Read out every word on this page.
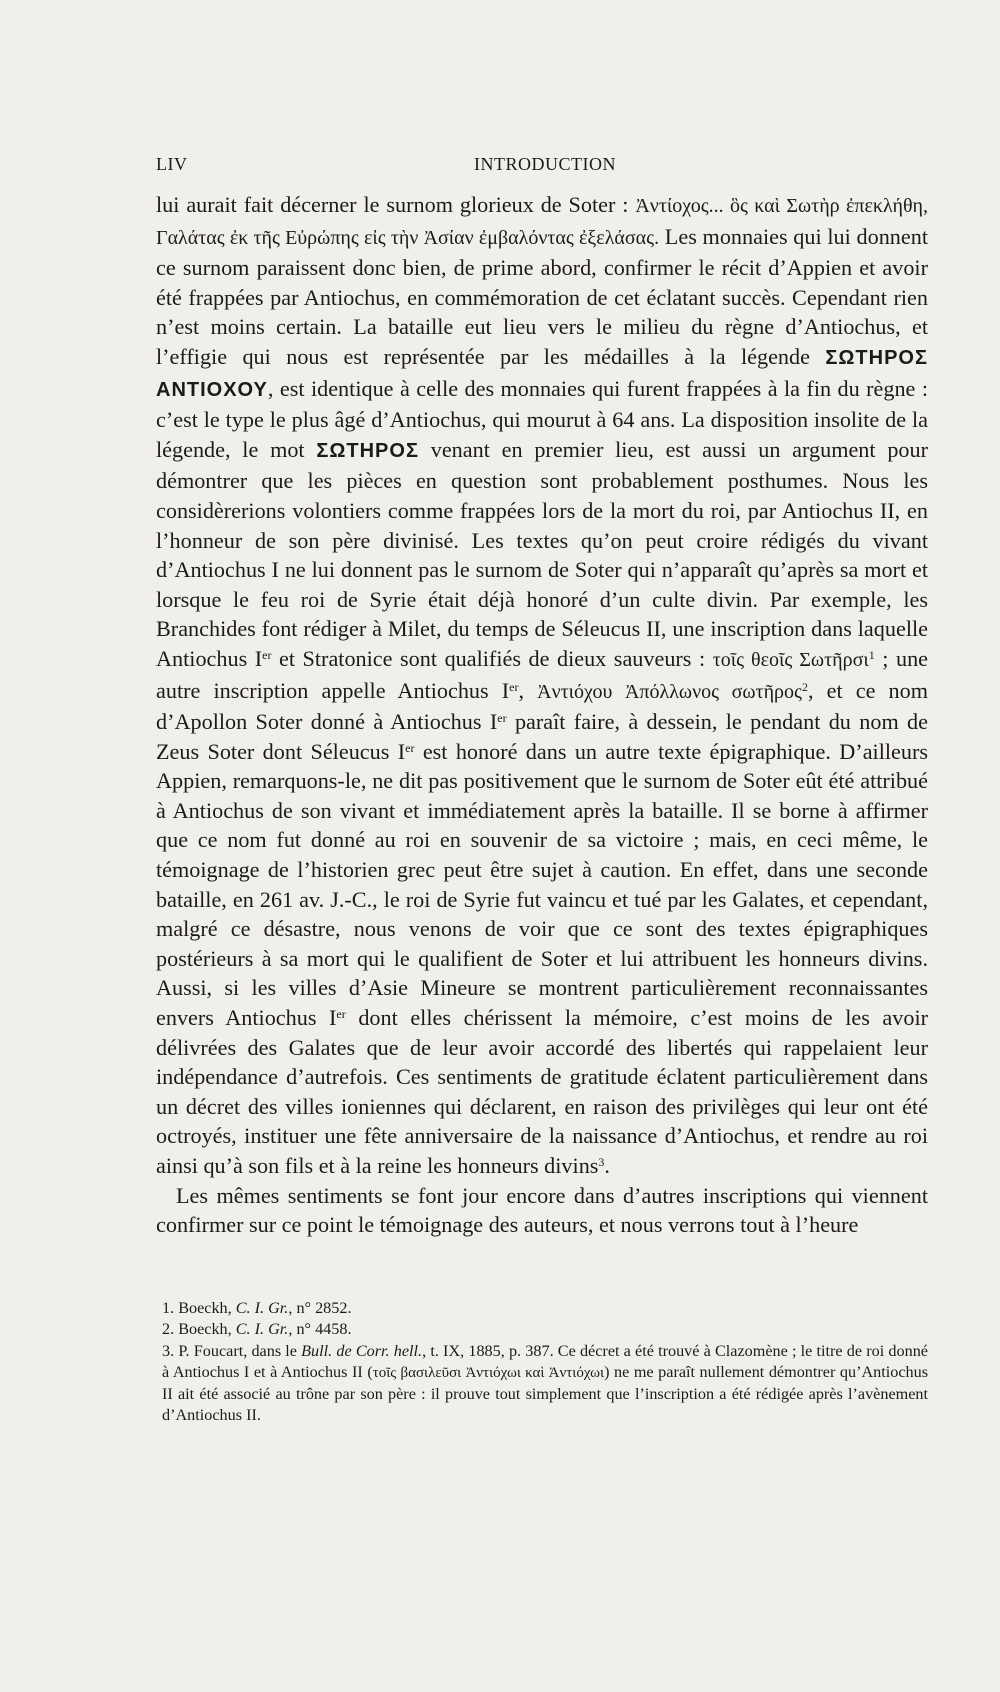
LIV	INTRODUCTION

lui aurait fait décerner le surnom glorieux de Soter : Ἀντίοχος... ὃς καὶ Σωτὴρ ἐπεκλήθη, Γαλάτας ἐκ τῆς Εὐρώπης εἰς τὴν Ἀσίαν ἐμβαλόντας ἐξελάσας. Les monnaies qui lui donnent ce surnom paraissent donc bien, de prime abord, confirmer le récit d’Appien et avoir été frappées par Antiochus, en commémoration de cet éclatant succès. Cependant rien n’est moins certain. La bataille eut lieu vers le milieu du règne d’Antiochus, et l’effigie qui nous est représentée par les médailles à la légende ΣΩΤΗΡΟΣ ΑΝΤΙΟΧΟΥ, est identique à celle des monnaies qui furent frappées à la fin du règne : c’est le type le plus âgé d’Antiochus, qui mourut à 64 ans. La disposition insolite de la légende, le mot ΣΩΤΗΡΟΣ venant en premier lieu, est aussi un argument pour démontrer que les pièces en question sont probablement posthumes. Nous les considèrerions volontiers comme frappées lors de la mort du roi, par Antiochus II, en l’honneur de son père divinisé. Les textes qu’on peut croire rédigés du vivant d’Antiochus I ne lui donnent pas le surnom de Soter qui n’apparaît qu’après sa mort et lorsque le feu roi de Syrie était déjà honoré d’un culte divin. Par exemple, les Branchides font rédiger à Milet, du temps de Séleucus II, une inscription dans laquelle Antiochus Ier et Stratonice sont qualifiés de dieux sauveurs : τοῖς θεοῖς Σωτῆρσι$^1$ ; une autre inscription appelle Antiochus Ier, Ἀντιόχου Ἀπόλλωνος σωτῆρος$^2$, et ce nom d’Apollon Soter donné à Antiochus Ier paraît faire, à dessein, le pendant du nom de Zeus Soter dont Séleucus Ier est honoré dans un autre texte épigraphique. D’ailleurs Appien, remarquons-le, ne dit pas positivement que le surnom de Soter eût été attribué à Antiochus de son vivant et immédiatement après la bataille. Il se borne à affirmer que ce nom fut donné au roi en souvenir de sa victoire ; mais, en ceci même, le témoignage de l’historien grec peut être sujet à caution. En effet, dans une seconde bataille, en 261 av. J.-C., le roi de Syrie fut vaincu et tué par les Galates, et cependant, malgré ce désastre, nous venons de voir que ce sont des textes épigraphiques postérieurs à sa mort qui le qualifient de Soter et lui attribuent les honneurs divins. Aussi, si les villes d’Asie Mineure se montrent particulièrement reconnaissantes envers Antiochus Ier dont elles chérissent la mémoire, c’est moins de les avoir délivrées des Galates que de leur avoir accordé des libertés qui rappelaient leur indépendance d’autrefois. Ces sentiments de gratitude éclatent particulièrement dans un décret des villes ioniennes qui déclarent, en raison des privilèges qui leur ont été octroyés, instituer une fête anniversaire de la naissance d’Antiochus, et rendre au roi ainsi qu’à son fils et à la reine les honneurs divins$^3$.

Les mêmes sentiments se font jour encore dans d’autres inscriptions qui viennent confirmer sur ce point le témoignage des auteurs, et nous verrons tout à l’heure

1. Boeckh, C. I. Gr., n° 2852.

2. Boeckh, C. I. Gr., n° 4458.

3. P. Foucart, dans le Bull. de Corr. hell., t. IX, 1885, p. 387. Ce décret a été trouvé à Clazomène ; le titre de roi donné à Antiochus I et à Antiochus II (τοῖς βασιλεῦσι Ἀντιόχωι καὶ Ἀντιόχωι) ne me paraît nullement démontrer qu’Antiochus II ait été associé au trône par son père : il prouve tout simplement que l’inscription a été rédigée après l’avènement d’Antiochus II.
